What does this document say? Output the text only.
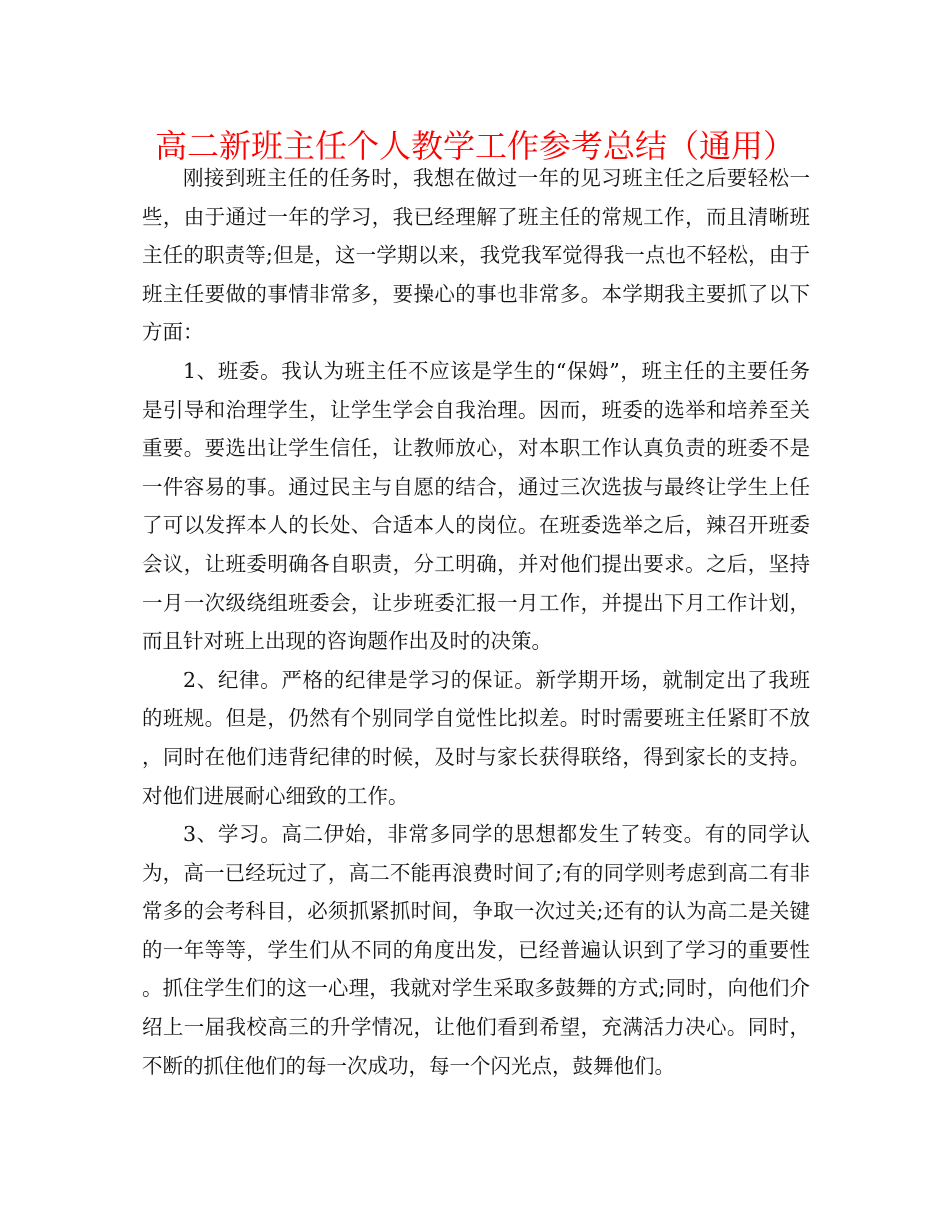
高二新班主任个人教学工作参考总结（通用）

刚接到班主任的任务时，我想在做过一年的见习班主任之后要轻松一些，由于通过一年的学习，我已经理解了班主任的常规工作，而且清晰班主任的职责等;但是，这一学期以来，我党我军觉得我一点也不轻松，由于班主任要做的事情非常多，要操心的事也非常多。本学期我主要抓了以下方面：

1、班委。我认为班主任不应该是学生的“保姆”，班主任的主要任务是引导和治理学生，让学生学会自我治理。因而，班委的选举和培养至关重要。要选出让学生信任，让教师放心，对本职工作认真负责的班委不是一件容易的事。通过民主与自愿的结合，通过三次选拔与最终让学生上任了可以发挥本人的长处、合适本人的岗位。在班委选举之后，辣召开班委会议，让班委明确各自职责，分工明确，并对他们提出要求。之后，坚持一月一次级绕组班委会，让步班委汇报一月工作，并提出下月工作计划，而且针对班上出现的咨询题作出及时的决策。

2、纪律。严格的纪律是学习的保证。新学期开场，就制定出了我班的班规。但是，仍然有个别同学自觉性比拟差。时时需要班主任紧盯不放，同时在他们违背纪律的时候，及时与家长获得联络，得到家长的支持。对他们进展耐心细致的工作。

3、学习。高二伊始，非常多同学的思想都发生了转变。有的同学认为，高一已经玩过了，高二不能再浪费时间了;有的同学则考虑到高二有非常多的会考科目，必须抓紧抓时间，争取一次过关;还有的认为高二是关键的一年等等，学生们从不同的角度出发，已经普遍认识到了学习的重要性。抓住学生们的这一心理，我就对学生采取多鼓舞的方式;同时，向他们介绍上一届我校高三的升学情况，让他们看到希望，充满活力决心。同时，不断的抓住他们的每一次成功，每一个闪光点，鼓舞他们。
